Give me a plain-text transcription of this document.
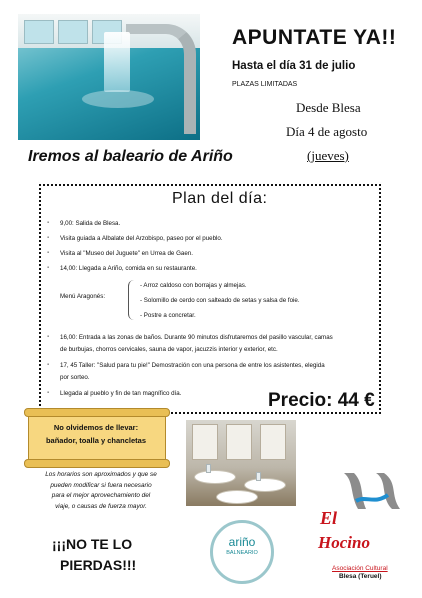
APUNTATE YA!!
Hasta el día 31 de julio
PLAZAS LIMITADAS
Desde Blesa
Día 4 de agosto
(jueves)
Iremos al baleario de Ariño
Plan del día:
▪	9,00: Salida de Blesa.
▪	Visita guiada a Albalate del Arzobispo, paseo por el pueblo.
▪	Visita al "Museo del Juguete" en Urrea de Gaen.
▪	14,00: Llegada a Ariño, comida en su restaurante.
Menú Aragonés:
- Arroz caldoso con borrajas y almejas.
- Solomillo de cerdo con salteado de setas y salsa de foie.
- Postre a concretar.
▪	16,00: Entrada a las zonas de baños. Durante 90 minutos disfrutaremos del pasillo vascular, camas
de burbujas, chorros cervicales, sauna de vapor, jacuzzis interior y exterior, etc.
▪	17, 45 Taller: "Salud para tu pie!" Demostración con una persona de entre los asistentes, elegida
por sorteo.
▪	Llegada al pueblo y fin de tan magnífico día.	Precio: 44 €
No olvidemos de llevar:
bañador, toalla y chancletas
Los horarios son aproximados y que se
pueden modificar si fuera necesario
para el mejor aprovechamiento del
viaje, o causas de fuerza mayor.
¡¡¡NO TE LO
PIERDAS!!!
ariño
BALNEARIO
El
Hocino
Asociación Cultural
Blesa (Teruel)
